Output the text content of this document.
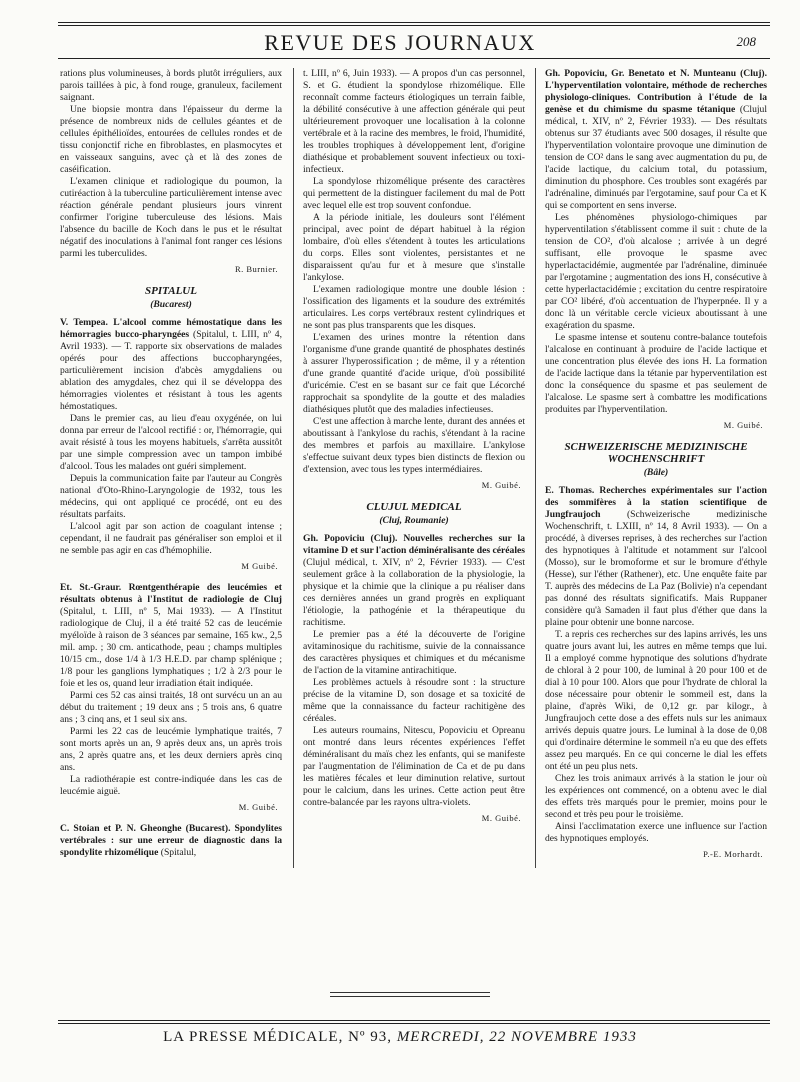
REVUE DES JOURNAUX	208

rations plus volumineuses, à bords plutôt irréguliers, aux parois taillées à pic, à fond rouge, granuleux, facilement saignant.

Une biopsie montra dans l'épaisseur du derme la présence de nombreux nids de cellules géantes et de cellules épithélioïdes, entourées de cellules rondes et de tissu conjonctif riche en fibroblastes, en plasmocytes et en vaisseaux sanguins, avec çà et là des zones de caséification.

L'examen clinique et radiologique du poumon, la cutiréaction à la tuberculine particulièrement intense avec réaction générale pendant plusieurs jours vinrent confirmer l'origine tuberculeuse des lésions. Mais l'absence du bacille de Koch dans le pus et le résultat négatif des inoculations à l'animal font ranger ces lésions parmi les tuberculides.

R. Burnier.
SPITALUL
(Bucarest)

V. Tempea. L'alcool comme hémostatique dans les hémorragies bucco-pharyngées (Spitalul, t. LIII, nº 4, Avril 1933). — T. rapporte six observations de malades opérés pour des affections buccopharyngées, particulièrement incision d'abcès amygdaliens ou ablation des amygdales, chez qui il se développa des hémorragies violentes et résistant à tous les agents hémostatiques.

Dans le premier cas, au lieu d'eau oxygénée, on lui donna par erreur de l'alcool rectifié : or, l'hémorragie, qui avait résisté à tous les moyens habituels, s'arrêta aussitôt par une simple compression avec un tampon imbibé d'alcool. Tous les malades ont guéri simplement.

Depuis la communication faite par l'auteur au Congrès national d'Oto-Rhino-Laryngologie de 1932, tous les médecins, qui ont appliqué ce procédé, ont eu des résultats parfaits.

L'alcool agit par son action de coagulant intense ; cependant, il ne faudrait pas généraliser son emploi et il ne semble pas agir en cas d'hémophilie.

M Guibé.

Et. St.-Graur. Rœntgenthérapie des leucémies et résultats obtenus à l'Institut de radiologie de Cluj (Spitalul, t. LIII, nº 5, Mai 1933). — A l'Institut radiologique de Cluj, il a été traité 52 cas de leucémie myéloïde à raison de 3 séances par semaine, 165 kw., 2,5 mil. amp. ; 30 cm. anticathode, peau ; champs multiples 10/15 cm., dose 1/4 à 1/3 H.E.D. par champ splénique ; 1/8 pour les ganglions lymphatiques ; 1/2 à 2/3 pour le foie et les os, quand leur irradiation était indiquée.

Parmi ces 52 cas ainsi traités, 18 ont survécu un an au début du traitement ; 19 deux ans ; 5 trois ans, 6 quatre ans ; 3 cinq ans, et 1 seul six ans.

Parmi les 22 cas de leucémie lymphatique traités, 7 sont morts après un an, 9 après deux ans, un après trois ans, 2 après quatre ans, et les deux derniers après cinq ans.

La radiothérapie est contre-indiquée dans les cas de leucémie aiguë.

M. Guibé.

C. Stoian et P. N. Gheonghe (Bucarest). Spondylites vertébrales : sur une erreur de diagnostic dans la spondylite rhizomélique (Spitalul,

t. LIII, nº 6, Juin 1933). — A propos d'un cas personnel, S. et G. étudient la spondylose rhizomélique. Elle reconnaît comme facteurs étiologiques un terrain faible, la débilité consécutive à une affection générale qui peut ultérieurement provoquer une localisation à la colonne vertébrale et à la racine des membres, le froid, l'humidité, les troubles trophiques à développement lent, d'origine diathésique et probablement souvent infectieux ou toxi-infectieux.

La spondylose rhizomélique présente des caractères qui permettent de la distinguer facilement du mal de Pott avec lequel elle est trop souvent confondue.

A la période initiale, les douleurs sont l'élément principal, avec point de départ habituel à la région lombaire, d'où elles s'étendent à toutes les articulations du corps. Elles sont violentes, persistantes et ne disparaissent qu'au fur et à mesure que s'installe l'ankylose.

L'examen radiologique montre une double lésion : l'ossification des ligaments et la soudure des extrémités articulaires. Les corps vertébraux restent cylindriques et ne sont pas plus transparents que les disques.

L'examen des urines montre la rétention dans l'organisme d'une grande quantité de phosphates destinés à assurer l'hyperossification ; de même, il y a rétention d'une grande quantité d'acide urique, d'où possibilité d'uricémie. C'est en se basant sur ce fait que Lécorché rapprochait sa spondylite de la goutte et des maladies diathésiques plutôt que des maladies infectieuses.

C'est une affection à marche lente, durant des années et aboutissant à l'ankylose du rachis, s'étendant à la racine des membres et parfois au maxillaire. L'ankylose s'effectue suivant deux types bien distincts de flexion ou d'extension, avec tous les types intermédiaires.

M. Guibé.
CLUJUL MEDICAL
(Cluj, Roumanie)

Gh. Popoviciu (Cluj). Nouvelles recherches sur la vitamine D et sur l'action déminéralisante des céréales (Clujul médical, t. XIV, nº 2, Février 1933). — C'est seulement grâce à la collaboration de la physiologie, la physique et la chimie que la clinique a pu réaliser dans ces dernières années un grand progrès en expliquant l'étiologie, la pathogénie et la thérapeutique du rachitisme.

Le premier pas a été la découverte de l'origine avitaminosique du rachitisme, suivie de la connaissance des caractères physiques et chimiques et du mécanisme de l'action de la vitamine antirachitique.

Les problèmes actuels à résoudre sont : la structure précise de la vitamine D, son dosage et sa toxicité de même que la connaissance du facteur rachitigène des céréales.

Les auteurs roumains, Nitescu, Popoviciu et Opreanu ont montré dans leurs récentes expériences l'effet déminéralisant du maïs chez les enfants, qui se manifeste par l'augmentation de l'élimination de Ca et de pu dans les matières fécales et leur diminution relative, surtout pour le calcium, dans les urines. Cette action peut être contre-balancée par les rayons ultra-violets.

M. Guibé.

Gh. Popoviciu, Gr. Benetato et N. Munteanu (Cluj). L'hyperventilation volontaire, méthode de recherches physiologo-cliniques. Contribution à l'étude de la genèse et du chimisme du spasme tétanique (Clujul médical, t. XIV, nº 2, Février 1933). — Des résultats obtenus sur 37 étudiants avec 500 dosages, il résulte que l'hyperventilation volontaire provoque une diminution de tension de CO² dans le sang avec augmentation du pu, de l'acide lactique, du calcium total, du potassium, diminution du phosphore. Ces troubles sont exagérés par l'adrénaline, diminués par l'ergotamine, sauf pour Ca et K qui se comportent en sens inverse.

Les phénomènes physiologo-chimiques par hyperventilation s'établissent comme il suit : chute de la tension de CO², d'où alcalose ; arrivée à un degré suffisant, elle provoque le spasme avec hyperlactacidémie, augmentée par l'adrénaline, diminuée par l'ergotamine ; augmentation des ions H, consécutive à cette hyperlactacidémie ; excitation du centre respiratoire par CO² libéré, d'où accentuation de l'hyperpnée. Il y a donc là un véritable cercle vicieux aboutissant à une exagération du spasme.

Le spasme intense et soutenu contre-balance toutefois l'alcalose en continuant à produire de l'acide lactique et une concentration plus élevée des ions H. La formation de l'acide lactique dans la tétanie par hyperventilation est donc la conséquence du spasme et pas seulement de l'alcalose. Le spasme sert à combattre les modifications produites par l'hyperventilation.

M. Guibé.
SCHWEIZERISCHE MEDIZINISCHE WOCHENSCHRIFT
(Bâle)

E. Thomas. Recherches expérimentales sur l'action des sommifères à la station scientifique de Jungfraujoch	(Schweizerische medizinische Wochenschrift, t. LXIII, nº 14, 8 Avril 1933). — On a procédé, à diverses reprises, à des recherches sur l'action des hypnotiques à l'altitude et notamment sur l'alcool (Mosso), sur le bromoforme et sur le bromure d'éthyle (Hesse), sur l'éther (Rathener), etc. Une enquête faite par T. auprès des médecins de La Paz (Bolivie) n'a cependant pas donné des résultats significatifs. Mais Ruppaner considère qu'à Samaden il faut plus d'éther que dans la plaine pour obtenir une bonne narcose.

T. a repris ces recherches sur des lapins arrivés, les uns quatre jours avant lui, les autres en même temps que lui. Il a employé comme hypnotique des solutions d'hydrate de chloral à 2 pour 100, de luminal à 20 pour 100 et de dial à 10 pour 100. Alors que pour l'hydrate de chloral la dose nécessaire pour obtenir le sommeil est, dans la plaine, d'après Wiki, de 0,12 gr. par kilogr., à Jungfraujoch cette dose a des effets nuls sur les animaux arrivés depuis quatre jours. Le luminal à la dose de 0,08 qui d'ordinaire détermine le sommeil n'a eu que des effets assez peu marqués. En ce qui concerne le dial les effets ont été un peu plus nets.

Chez les trois animaux arrivés à la station le jour où les expériences ont commencé, on a obtenu avec le dial des effets très marqués pour le premier, moins pour le second et très peu pour le troisième.

Ainsi l'acclimatation exerce une influence sur l'action des hypnotiques employés.

P.-E. Morhardt.
LA PRESSE MÉDICALE, Nº 93, MERCREDI, 22 NOVEMBRE 1933
